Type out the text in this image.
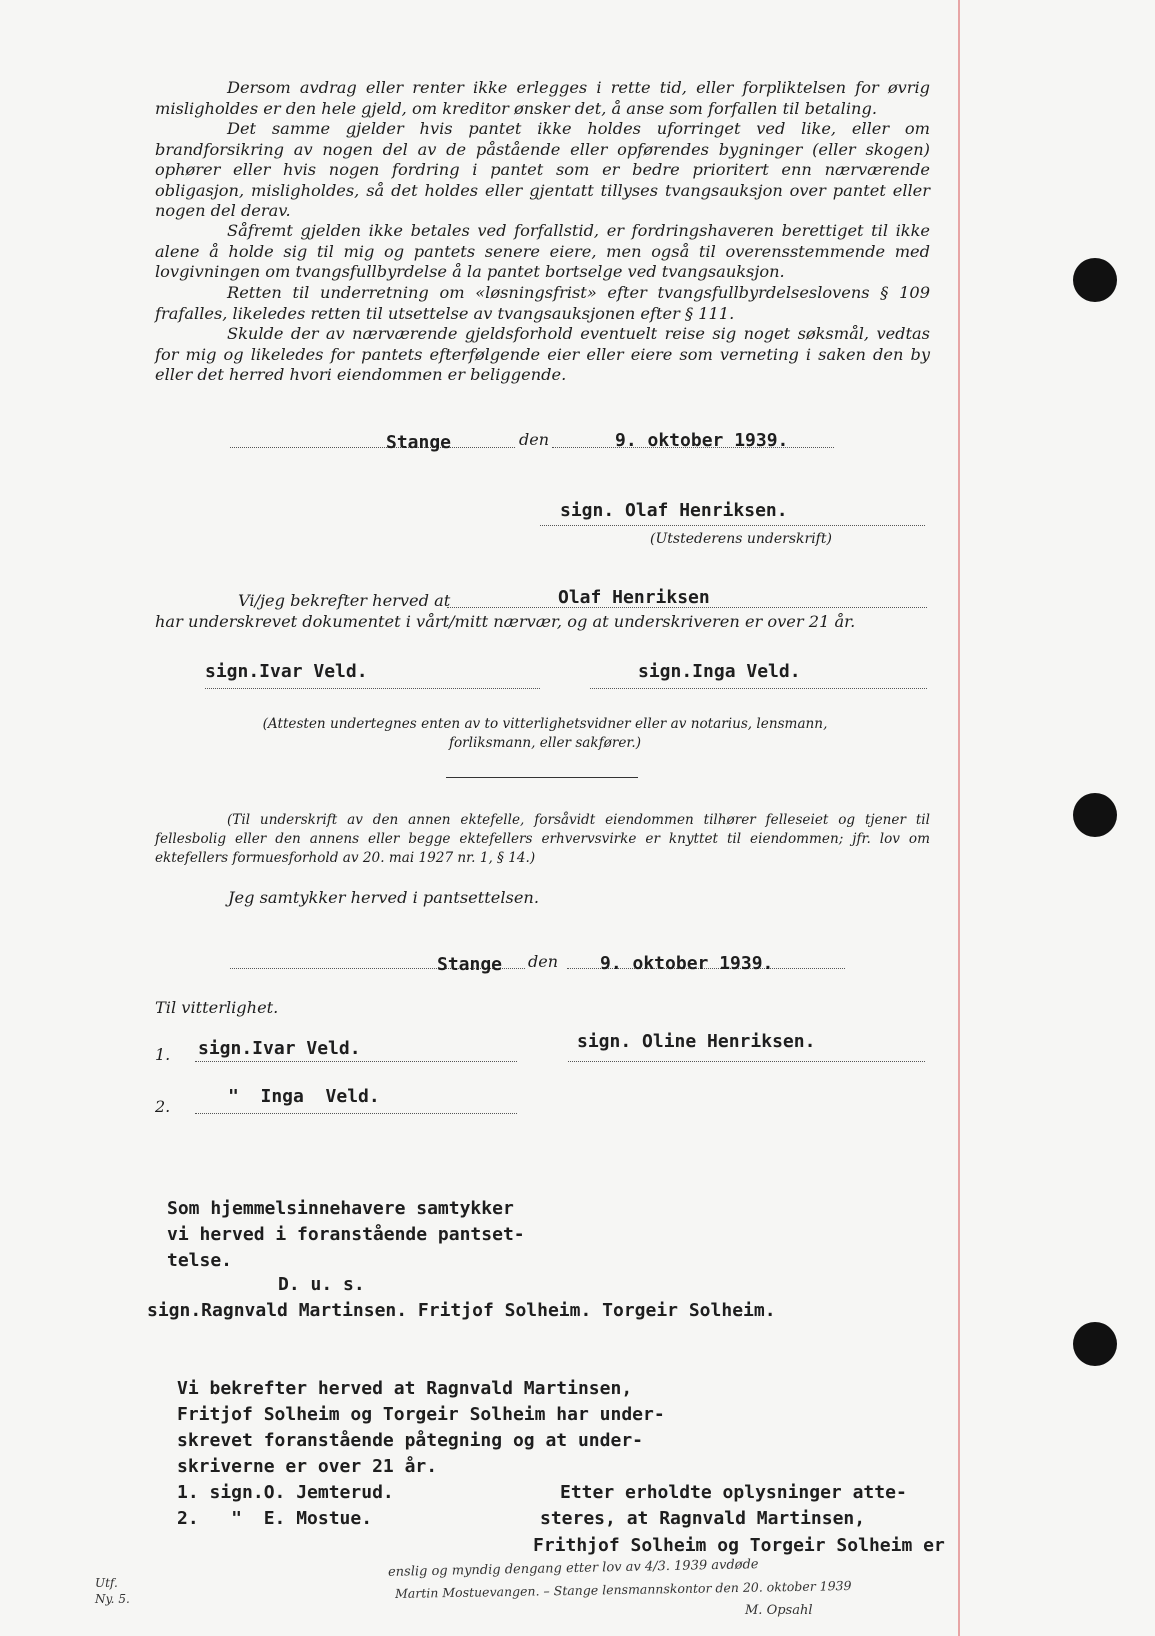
Dersom avdrag eller renter ikke erlegges i rette tid, eller forpliktelsen for øvrig misligholdes er den hele gjeld, om kreditor ønsker det, å anse som forfallen til betaling.

Det samme gjelder hvis pantet ikke holdes uforringet ved like, eller om brandforsikring av nogen del av de påstående eller opførendes bygninger (eller skogen) ophører eller hvis nogen fordring i pantet som er bedre prioritert enn nærværende obligasjon, misligholdes, så det holdes eller gjentatt tillyses tvangsauksjon over pantet eller nogen del derav.

Såfremt gjelden ikke betales ved forfallstid, er fordringshaveren berettiget til ikke alene å holde sig til mig og pantets senere eiere, men også til overensstemmende med lovgivningen om tvangsfullbyrdelse å la pantet bortselge ved tvangsauksjon.

Retten til underretning om «løsningsfrist» efter tvangsfullbyrdelseslovens § 109 frafalles, likeledes retten til utsettelse av tvangsauksjonen efter § 111.

Skulde der av nærværende gjeldsforhold eventuelt reise sig noget søksmål, vedtas for mig og likeledes for pantets efterfølgende eier eller eiere som verneting i saken den by eller det herred hvori eiendommen er beliggende.

Stange	den	9. oktober 1939.
sign. Olaf Henriksen.
(Utstederens underskrift)
Vi/jeg bekrefter herved at	Olaf Henriksen
har underskrevet dokumentet i vårt/mitt nærvær, og at underskriveren er over 21 år.
sign.Ivar Veld.	sign.Inga Veld.

(Attesten undertegnes enten av to vitterlighetsvidner eller av notarius, lensmann, forliksmann, eller sakfører.)

(Til underskrift av den annen ektefelle, forsåvidt eiendommen tilhører felleseiet og tjener til fellesbolig eller den annens eller begge ektefellers erhvervsvirke er knyttet til eiendommen; jfr. lov om ektefellers formuesforhold av 20. mai 1927 nr. 1, § 14.)

Jeg samtykker herved i pantsettelsen.
Stange den 9. oktober 1939.
Til vitterlighet.
1. sign.Ivar Veld.	sign. Oline Henriksen.
2.	"  Inga  Veld.
Som hjemmelsinnehavere samtykker
vi herved i foranstående pantset-
telse.
D. u. s.
sign.Ragnvald Martinsen. Fritjof Solheim. Torgeir Solheim.
Vi bekrefter herved at Ragnvald Martinsen,
Fritjof Solheim og Torgeir Solheim har under-
skrevet foranstående påtegning og at under-
skriverne er over 21 år.
1. sign.O. Jemterud.
2.   "  E. Mostue.
Etter erholdte oplysninger atte-
steres, at Ragnvald Martinsen,
Frithjof Solheim og Torgeir Solheim er
enslig og myndig dengang etter lov av 4/3. 1939 avdøde
Martin Mostuevangen. – Stange lensmannskontor den 20. oktober 1939
M. Opsahl
Utf. Ny. 5.
